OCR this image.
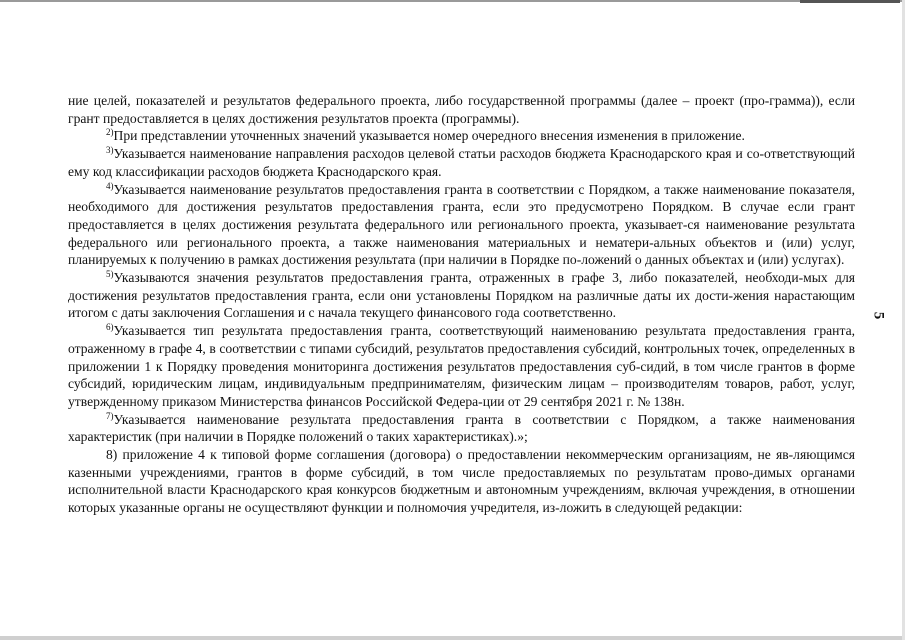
5

ние целей, показателей и результатов федерального проекта, либо государственной программы (далее – проект (про-грамма)), если грант предоставляется в целях достижения результатов проекта (программы).

$^{2)}$При представлении уточненных значений указывается номер очередного внесения изменения в приложение.

$^{3)}$Указывается наименование направления расходов целевой статьи расходов бюджета Краснодарского края и со-ответствующий ему код классификации расходов бюджета Краснодарского края.

$^{4)}$Указывается наименование результатов предоставления гранта в соответствии с Порядком, а также наименование показателя, необходимого для достижения результатов предоставления гранта, если это предусмотрено Порядком. В случае если грант предоставляется в целях достижения результата федерального или регионального проекта, указывает-ся наименование результата федерального или регионального проекта, а также наименования материальных и нематери-альных объектов и (или) услуг, планируемых к получению в рамках достижения результата (при наличии в Порядке по-ложений о данных объектах и (или) услугах).

$^{5)}$Указываются значения результатов предоставления гранта, отраженных в графе 3, либо показателей, необходи-мых для достижения результатов предоставления гранта, если они установлены Порядком на различные даты их дости-жения нарастающим итогом с даты заключения Соглашения и с начала текущего финансового года соответственно.

$^{6)}$Указывается тип результата предоставления гранта, соответствующий наименованию результата предоставления гранта, отраженному в графе 4, в соответствии с типами субсидий, результатов предоставления субсидий, контрольных точек, определенных в приложении 1 к Порядку проведения мониторинга достижения результатов предоставления суб-сидий, в том числе грантов в форме субсидий, юридическим лицам, индивидуальным предпринимателям, физическим лицам – производителям товаров, работ, услуг, утвержденному приказом Министерства финансов Российской Федера-ции от 29 сентября 2021 г. № 138н.

$^{7)}$Указывается наименование результата предоставления гранта в соответствии с Порядком, а также наименования характеристик (при наличии в Порядке положений о таких характеристиках).»;

8) приложение 4 к типовой форме соглашения (договора) о предоставлении некоммерческим организациям, не яв-ляющимся казенными учреждениями, грантов в форме субсидий, в том числе предоставляемых по результатам прово-димых органами исполнительной власти Краснодарского края конкурсов бюджетным и автономным учреждениям, включая учреждения, в отношении которых указанные органы не осуществляют функции и полномочия учредителя, из-ложить в следующей редакции:
